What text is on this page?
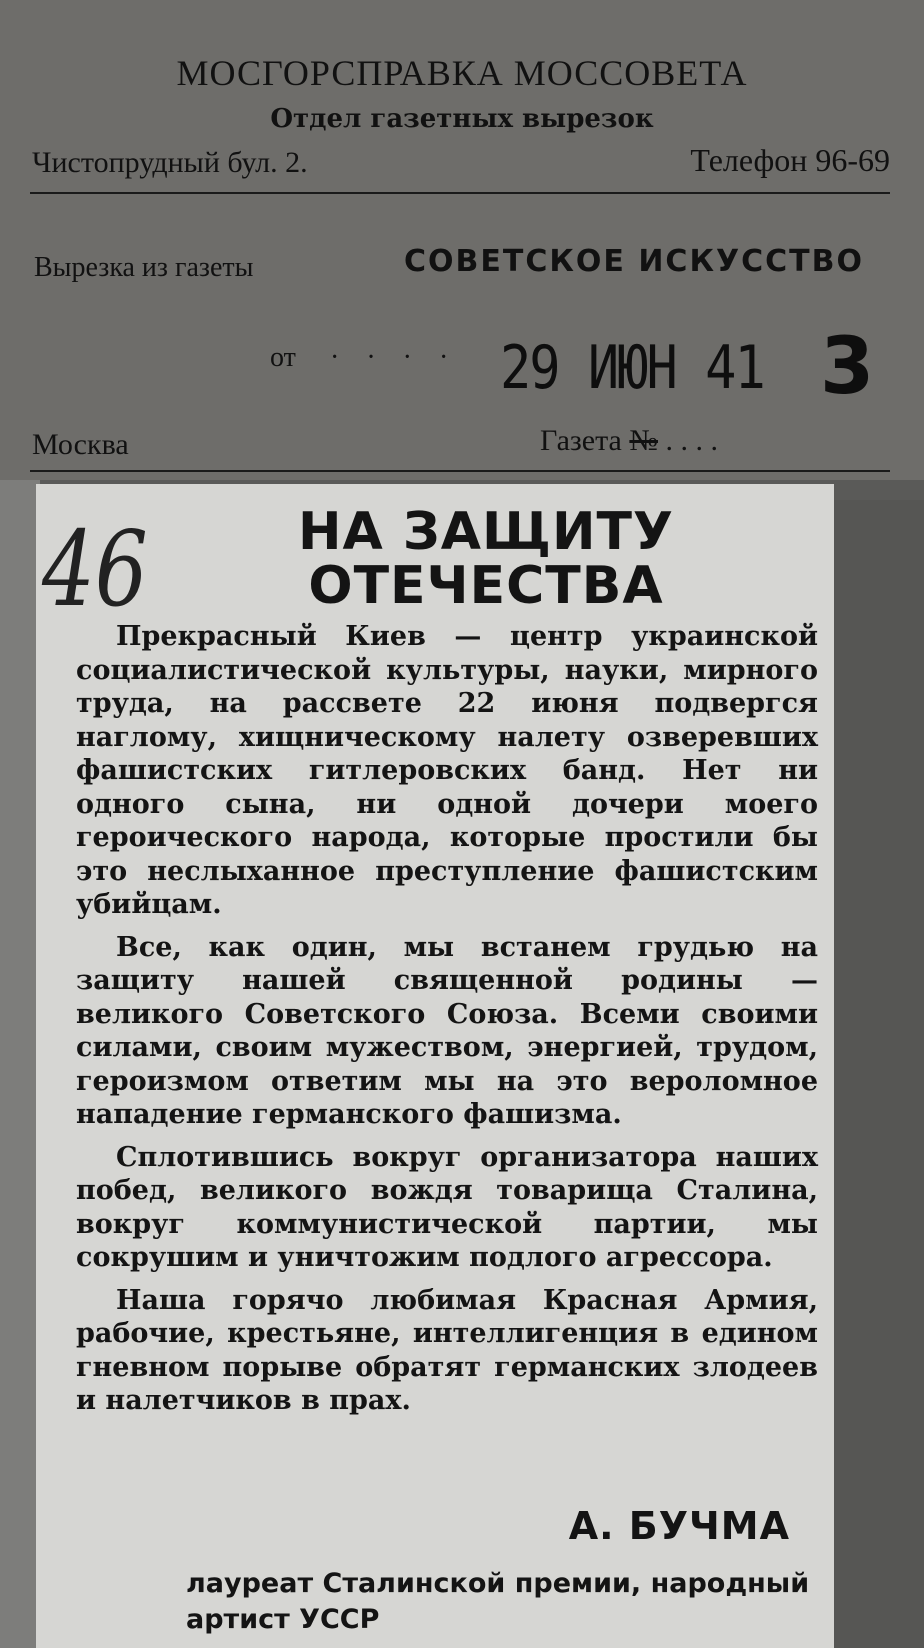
МОСГОРСПРАВКА МОССОВЕТА
Отдел газетных вырезок
Чистопрудный бул. 2.	Телефон 96-69
Вырезка из газеты	СОВЕТСКОЕ ИСКУССТВО
от · · · · 29 ИЮН 41 3
Москва	Газета № . . . .
46	НА ЗАЩИТУ
ОТЕЧЕСТВА

Прекрасный Киев — центр украинской социалистической культуры, науки, мирного труда, на рассвете 22 июня подвергся наглому, хищническому налету озверевших фашистских гитлеровских банд. Нет ни одного сына, ни одной дочери моего героического народа, которые простили бы это неслыханное преступление фашистским убийцам.

Все, как один, мы встанем грудью на защиту нашей священной родины — великого Советского Союза. Всеми своими силами, своим мужеством, энергией, трудом, героизмом ответим мы на это вероломное нападение германского фашизма.

Сплотившись вокруг организатора наших побед, великого вождя товарища Сталина, вокруг коммунистической партии, мы сокрушим и уничтожим подлого агрессора.

Наша горячо любимая Красная Армия, рабочие, крестьяне, интеллигенция в едином гневном порыве обратят германских злодеев и налетчиков в прах.

А. БУЧМА
лауреат Сталинской премии, народный артист УССР
